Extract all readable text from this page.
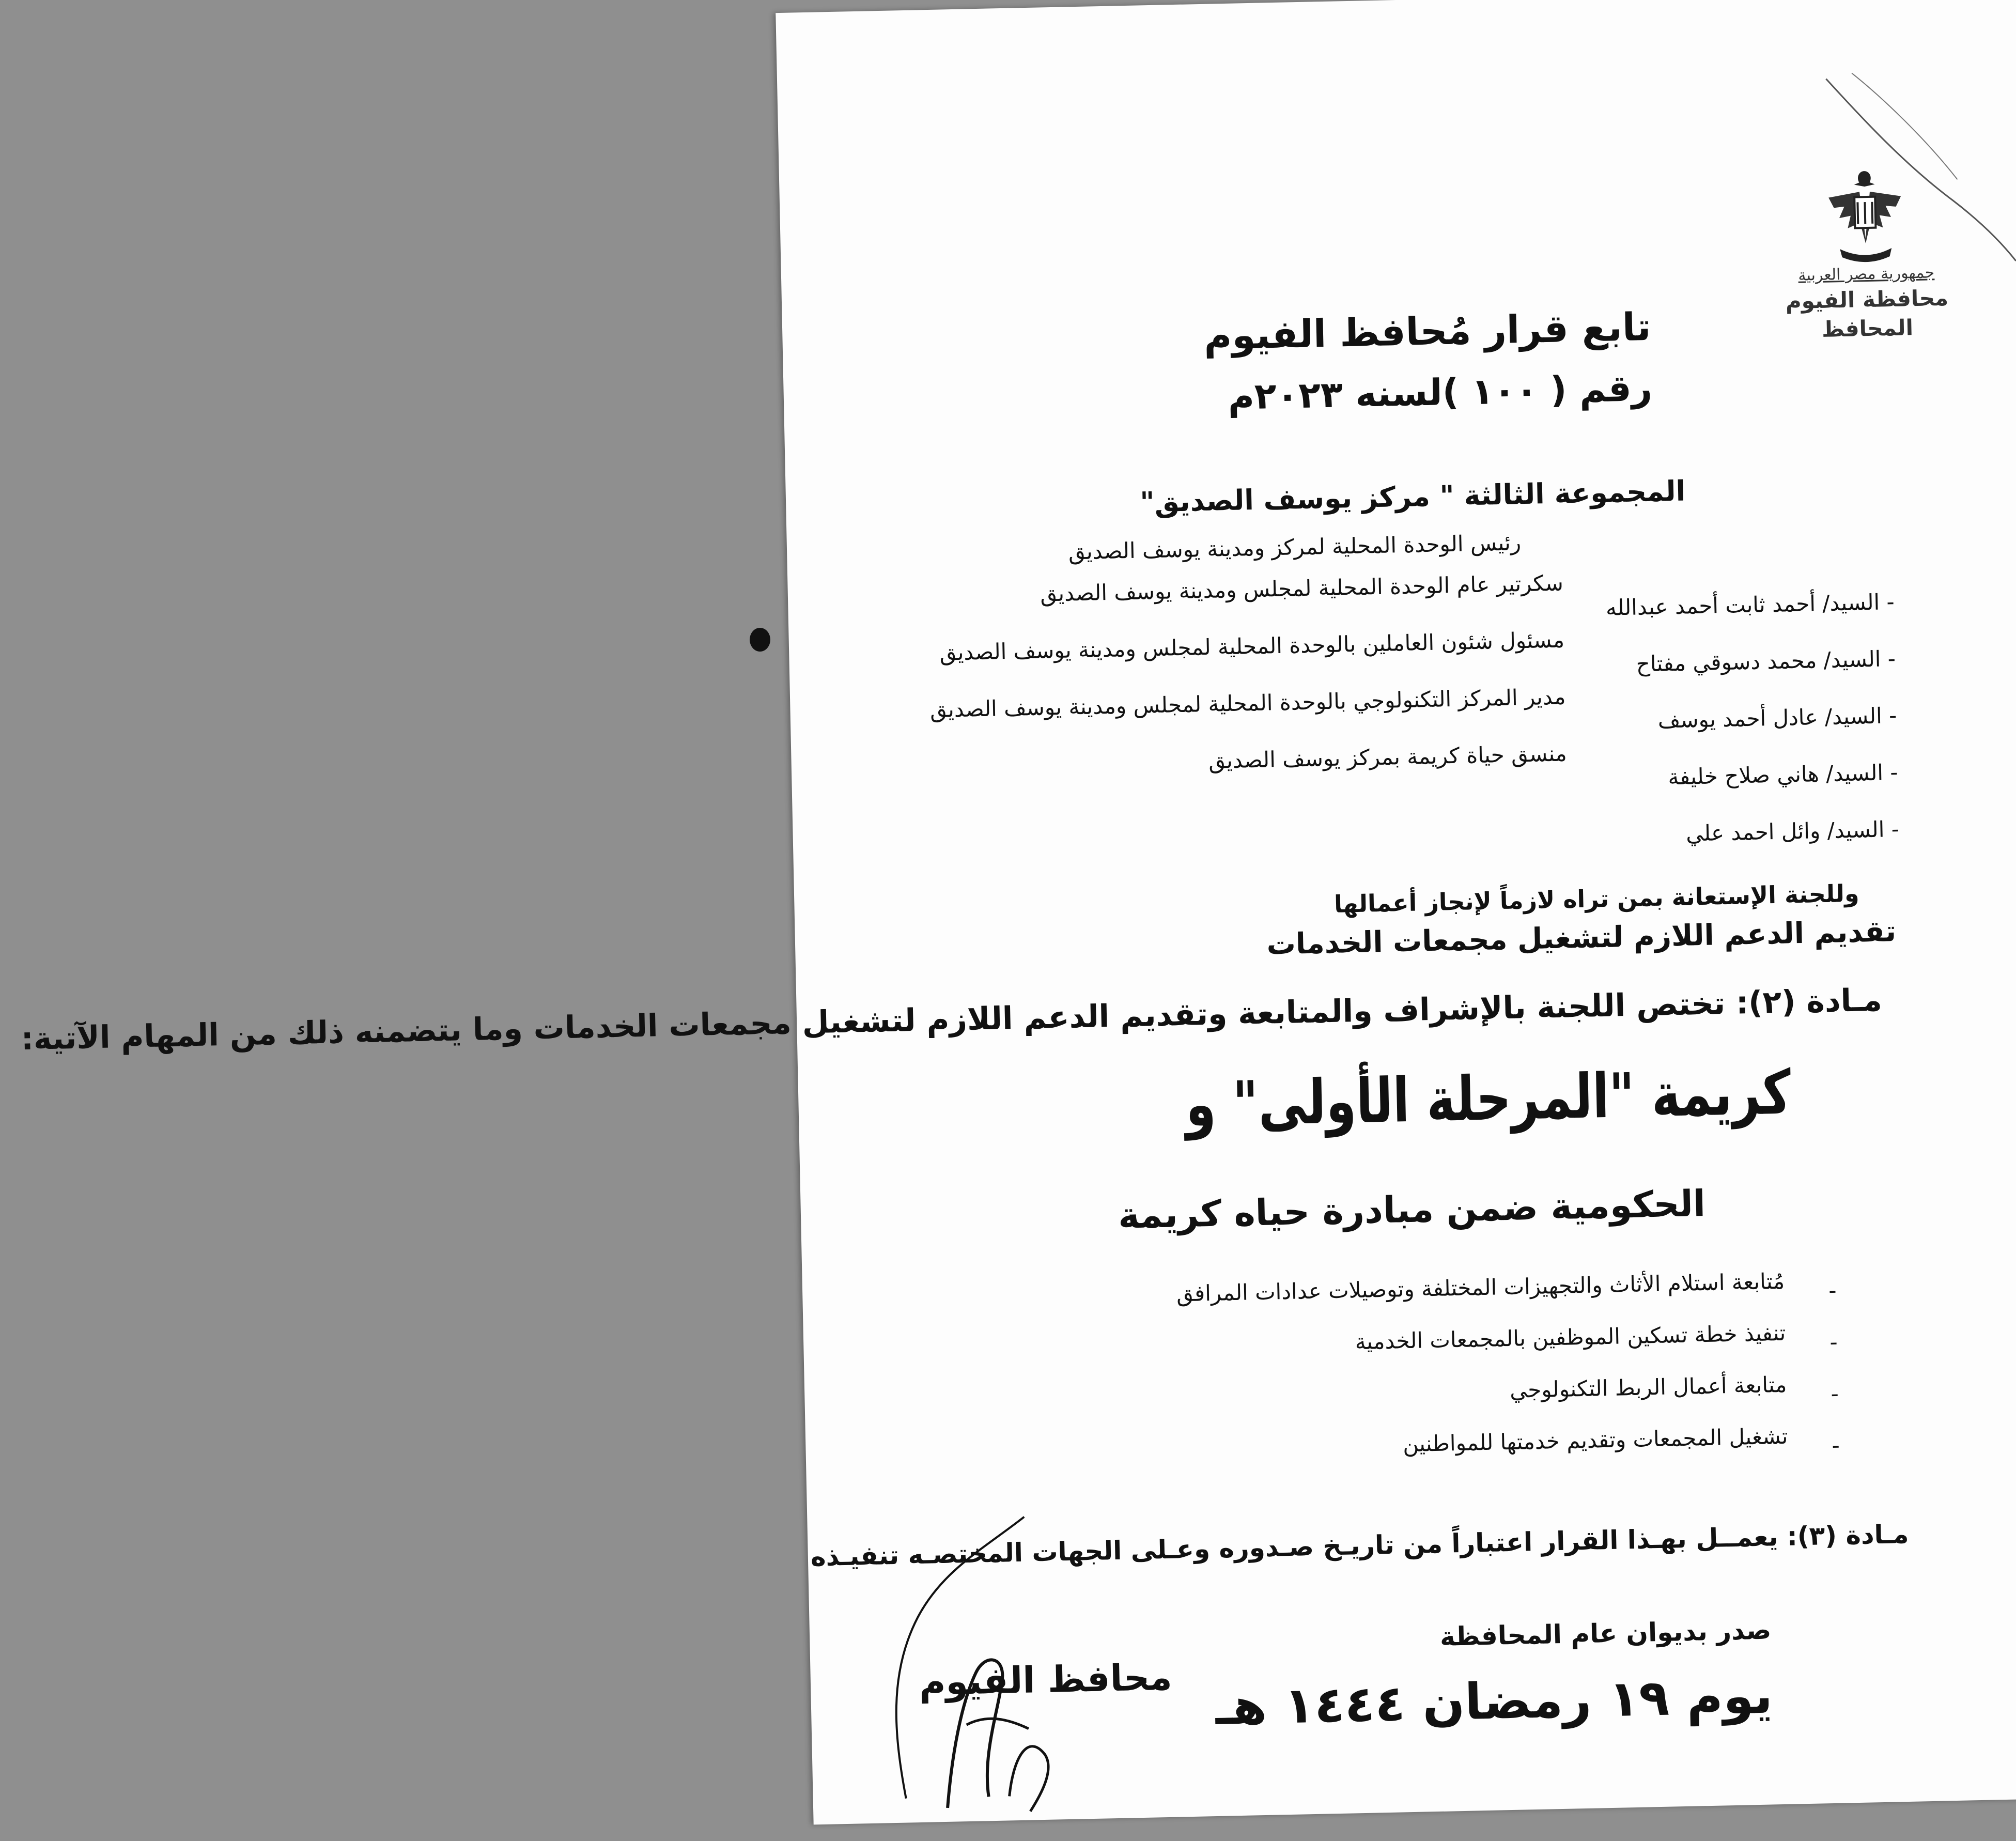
جمهورية مصر العربية
محافظة الفيوم
المحافظ
تابع قرار مُحافظ الفيوم
رقم ( ١٠٠ )لسنه ٢٠٢٣م
المجموعة الثالثة " مركز يوسف الصديق"
رئيس الوحدة المحلية لمركز ومدينة يوسف الصديق
- السيد/ أحمد ثابت أحمد عبدالله
سكرتير عام الوحدة المحلية لمجلس ومدينة يوسف الصديق
- السيد/ محمد دسوقي مفتاح
مسئول شئون العاملين بالوحدة المحلية لمجلس ومدينة يوسف الصديق
- السيد/ عادل أحمد يوسف
مدير المركز التكنولوجي بالوحدة المحلية لمجلس ومدينة يوسف الصديق
- السيد/ هاني صلاح خليفة
منسق حياة كريمة بمركز يوسف الصديق
- السيد/ وائل احمد علي
وللجنة الإستعانة بمن تراه لازماً لإنجاز أعمالها
تقديم الدعم اللازم لتشغيل مجمعات الخدمات
مـادة (٢): تختص اللجنة بالإشراف والمتابعة وتقديم الدعم اللازم لتشغيل مجمعات الخدمات وما يتضمنه ذلك من المهام الآتية:
كريمة "المرحلة الأولى" و
الحكومية ضمن مبادرة حياه كريمة
-
مُتابعة استلام الأثاث والتجهيزات المختلفة وتوصيلات عدادات المرافق
-
تنفيذ خطة تسكين الموظفين بالمجمعات الخدمية
-
متابعة أعمال الربط التكنولوجي
-
تشغيل المجمعات وتقديم خدمتها للمواطنين
مـادة (٣): يعمــل بهـذا القرار اعتباراً من تاريـخ صـدوره وعـلى الجهات المختصـه تنفيـذه
صدر بديوان عام المحافظة
يوم ١٩ رمضان ١٤٤٤ هـ
محافظ الفيوم
